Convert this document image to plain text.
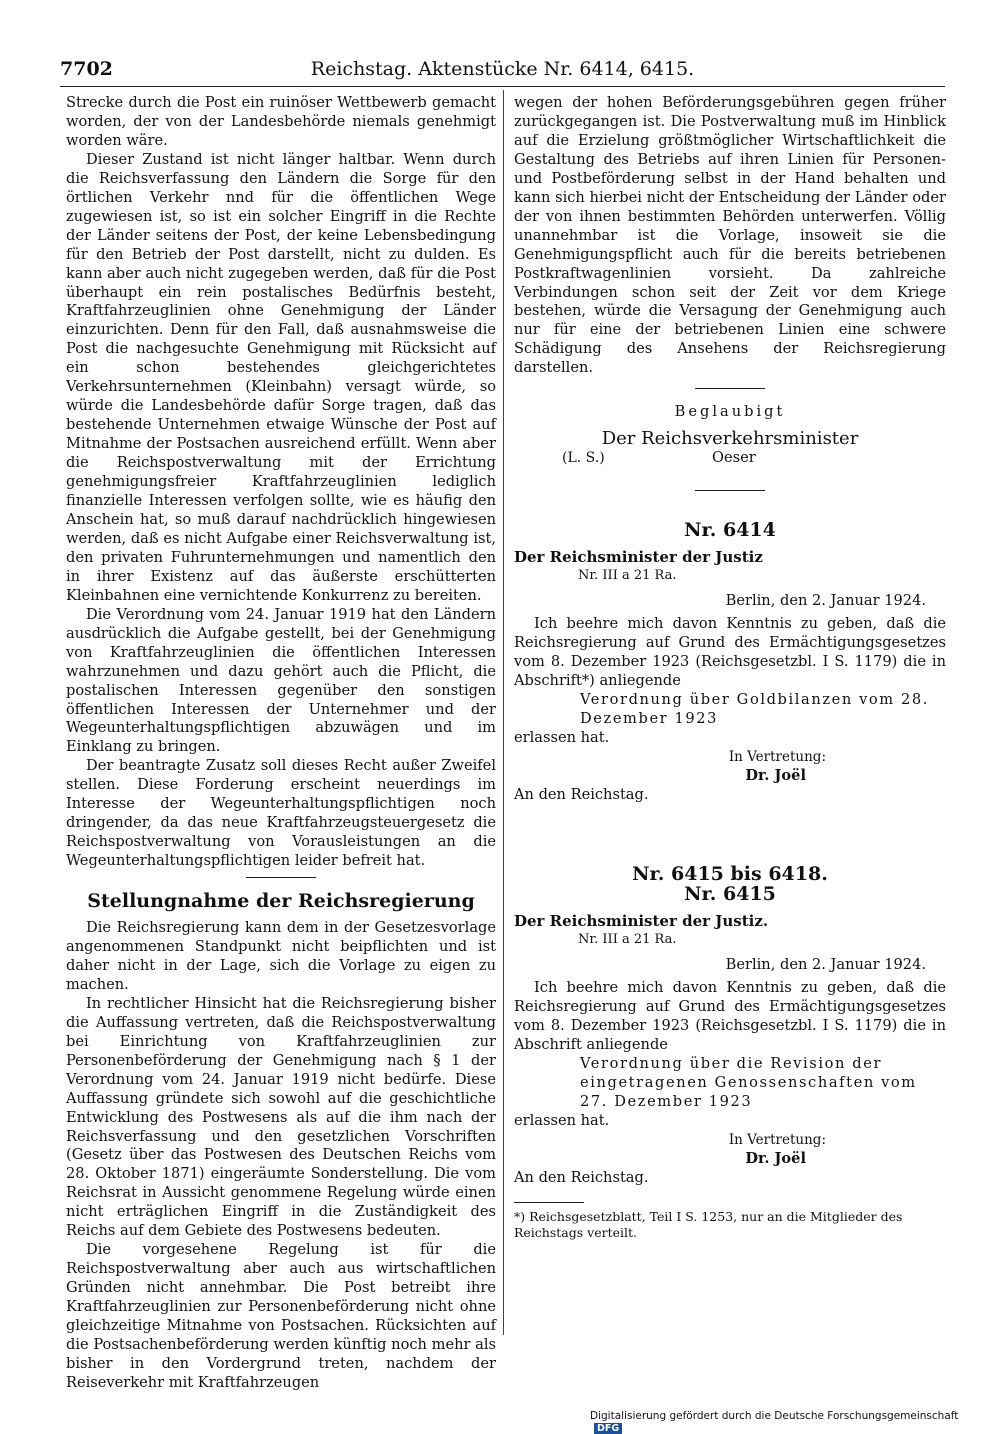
Reichstag. Aktenstücke Nr. 6414, 6415.
7702

Strecke durch die Post ein ruinöser Wettbewerb gemacht worden, der von der Landesbehörde niemals genehmigt worden wäre.

Dieser Zustand ist nicht länger haltbar. Wenn durch die Reichsverfassung den Ländern die Sorge für den örtlichen Verkehr nnd für die öffentlichen Wege zugewiesen ist, so ist ein solcher Eingriff in die Rechte der Länder seitens der Post, der keine Lebensbedingung für den Betrieb der Post darstellt, nicht zu dulden. Es kann aber auch nicht zugegeben werden, daß für die Post überhaupt ein rein postalisches Bedürfnis besteht, Kraftfahrzeuglinien ohne Genehmigung der Länder einzurichten. Denn für den Fall, daß ausnahmsweise die Post die nachgesuchte Genehmigung mit Rücksicht auf ein schon bestehendes gleichgerichtetes Verkehrsunternehmen (Kleinbahn) versagt würde, so würde die Landesbehörde dafür Sorge tragen, daß das bestehende Unternehmen etwaige Wünsche der Post auf Mitnahme der Postsachen ausreichend erfüllt. Wenn aber die Reichspostverwaltung mit der Errichtung genehmigungsfreier Kraftfahrzeuglinien lediglich finanzielle Interessen verfolgen sollte, wie es häufig den Anschein hat, so muß darauf nachdrücklich hingewiesen werden, daß es nicht Aufgabe einer Reichsverwaltung ist, den privaten Fuhrunternehmungen und namentlich den in ihrer Existenz auf das äußerste erschütterten Kleinbahnen eine vernichtende Konkurrenz zu bereiten.

Die Verordnung vom 24. Januar 1919 hat den Ländern ausdrücklich die Aufgabe gestellt, bei der Genehmigung von Kraftfahrzeuglinien die öffentlichen Interessen wahrzunehmen und dazu gehört auch die Pflicht, die postalischen Interessen gegenüber den sonstigen öffentlichen Interessen der Unternehmer und der Wegeunterhaltungspflichtigen abzuwägen und im Einklang zu bringen.

Der beantragte Zusatz soll dieses Recht außer Zweifel stellen. Diese Forderung erscheint neuerdings im Interesse der Wegeunterhaltungspflichtigen noch dringender, da das neue Kraftfahrzeugsteuergesetz die Reichspostverwaltung von Vorausleistungen an die Wegeunterhaltungspflichtigen leider befreit hat.

Stellungnahme der Reichsregierung

Die Reichsregierung kann dem in der Gesetzesvorlage angenommenen Standpunkt nicht beipflichten und ist daher nicht in der Lage, sich die Vorlage zu eigen zu machen.

In rechtlicher Hinsicht hat die Reichsregierung bisher die Auffassung vertreten, daß die Reichspostverwaltung bei Einrichtung von Kraftfahrzeuglinien zur Personenbeförderung der Genehmigung nach § 1 der Verordnung vom 24. Januar 1919 nicht bedürfe. Diese Auffassung gründete sich sowohl auf die geschichtliche Entwicklung des Postwesens als auf die ihm nach der Reichsverfassung und den gesetzlichen Vorschriften (Gesetz über das Postwesen des Deutschen Reichs vom 28. Oktober 1871) eingeräumte Sonderstellung. Die vom Reichsrat in Aussicht genommene Regelung würde einen nicht erträglichen Eingriff in die Zuständigkeit des Reichs auf dem Gebiete des Postwesens bedeuten.

Die vorgesehene Regelung ist für die Reichspostverwaltung aber auch aus wirtschaftlichen Gründen nicht annehmbar. Die Post betreibt ihre Kraftfahrzeuglinien zur Personenbeförderung nicht ohne gleichzeitige Mitnahme von Postsachen. Rücksichten auf die Postsachenbeförderung werden künftig noch mehr als bisher in den Vordergrund treten, nachdem der Reiseverkehr mit Kraftfahrzeugen

wegen der hohen Beförderungsgebühren gegen früher zurückgegangen ist. Die Postverwaltung muß im Hinblick auf die Erzielung größtmöglicher Wirtschaftlichkeit die Gestaltung des Betriebs auf ihren Linien für Personen- und Postbeförderung selbst in der Hand behalten und kann sich hierbei nicht der Entscheidung der Länder oder der von ihnen bestimmten Behörden unterwerfen. Völlig unannehmbar ist die Vorlage, insoweit sie die Genehmigungspflicht auch für die bereits betriebenen Postkraftwagenlinien vorsieht. Da zahlreiche Verbindungen schon seit der Zeit vor dem Kriege bestehen, würde die Versagung der Genehmigung auch nur für eine der betriebenen Linien eine schwere Schädigung des Ansehens der Reichsregierung darstellen.

Beglaubigt
Der Reichsverkehrsminister
(L. S.)	Oeser
Nr. 6414
Der Reichsminister der Justiz
Nr. III a 21 Ra.
Berlin, den 2. Januar 1924.

Ich beehre mich davon Kenntnis zu geben, daß die Reichsregierung auf Grund des Ermächtigungsgesetzes vom 8. Dezember 1923 (Reichsgesetzbl. I S. 1179) die in Abschrift*) anliegende

Verordnung über Goldbilanzen vom 28. Dezember 1923

erlassen hat.

In Vertretung:
Dr. Joël
An den Reichstag.
Nr. 6415 bis 6418.
Nr. 6415
Der Reichsminister der Justiz.
Nr. III a 21 Ra.
Berlin, den 2. Januar 1924.

Ich beehre mich davon Kenntnis zu geben, daß die Reichsregierung auf Grund des Ermächtigungsgesetzes vom 8. Dezember 1923 (Reichsgesetzbl. I S. 1179) die in Abschrift anliegende

Verordnung über die Revision der eingetragenen Genossenschaften vom 27. Dezember 1923

erlassen hat.

In Vertretung:
Dr. Joël
An den Reichstag.
*) Reichsgesetzblatt, Teil I S. 1253, nur an die Mitglieder des Reichstags verteilt.
Digitalisierung gefördert durch die Deutsche ForschungsgemeinschaftDFG
